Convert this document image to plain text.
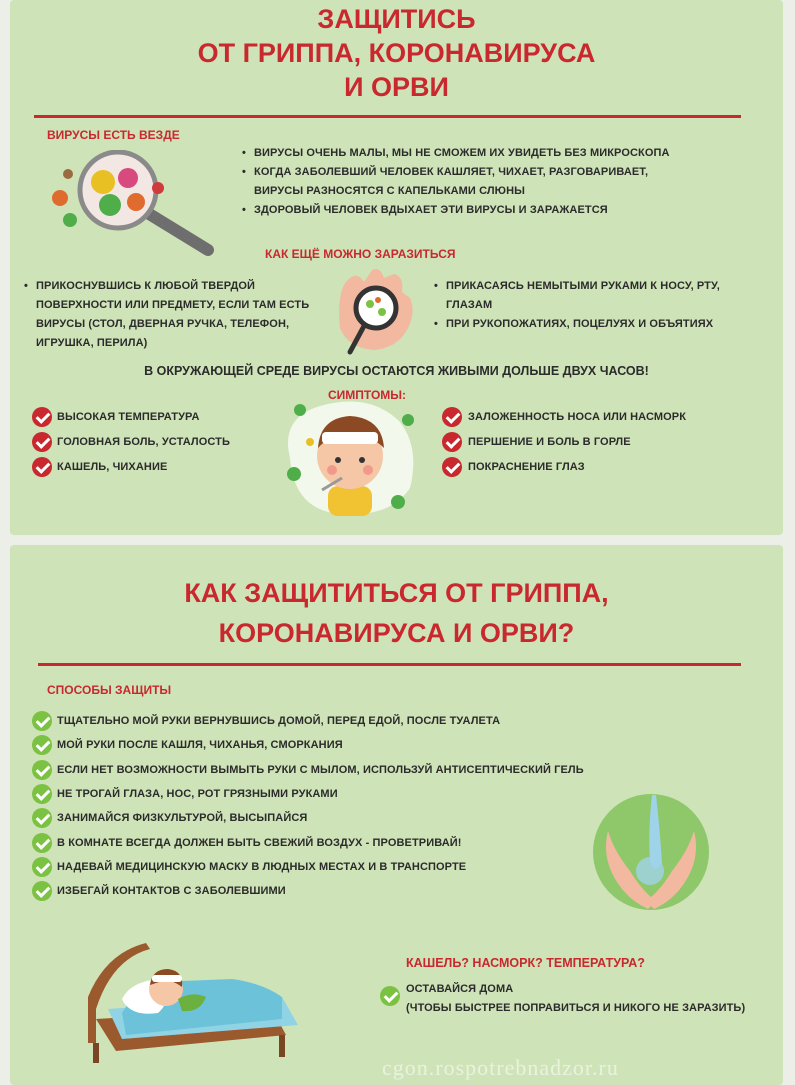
ЗАЩИТИСЬ
ОТ ГРИППА, КОРОНАВИРУСА
И ОРВИ
ВИРУСЫ ЕСТЬ ВЕЗДЕ
• ВИРУСЫ ОЧЕНЬ МАЛЫ, МЫ НЕ СМОЖЕМ ИХ УВИДЕТЬ БЕЗ МИКРОСКОПА
• КОГДА ЗАБОЛЕВШИЙ ЧЕЛОВЕК КАШЛЯЕТ, ЧИХАЕТ, РАЗГОВАРИВАЕТ, ВИРУСЫ РАЗНОСЯТСЯ С КАПЕЛЬКАМИ СЛЮНЫ
• ЗДОРОВЫЙ ЧЕЛОВЕК ВДЫХАЕТ ЭТИ ВИРУСЫ И ЗАРАЖАЕТСЯ
КАК ЕЩЁ МОЖНО ЗАРАЗИТЬСЯ
• ПРИКОСНУВШИСЬ К ЛЮБОЙ ТВЕРДОЙ ПОВЕРХНОСТИ ИЛИ ПРЕДМЕТУ, ЕСЛИ ТАМ ЕСТЬ ВИРУСЫ (СТОЛ, ДВЕРНАЯ РУЧКА, ТЕЛЕФОН, ИГРУШКА, ПЕРИЛА)
• ПРИКАСАЯСЬ НЕМЫТЫМИ РУКАМИ К НОСУ, РТУ, ГЛАЗАМ
• ПРИ РУКОПОЖАТИЯХ, ПОЦЕЛУЯХ И ОБЪЯТИЯХ
В ОКРУЖАЮЩЕЙ СРЕДЕ ВИРУСЫ ОСТАЮТСЯ ЖИВЫМИ ДОЛЬШЕ ДВУХ ЧАСОВ!
СИМПТОМЫ:
ВЫСОКАЯ ТЕМПЕРАТУРА
ГОЛОВНАЯ БОЛЬ, УСТАЛОСТЬ
КАШЕЛЬ, ЧИХАНИЕ
ЗАЛОЖЕННОСТЬ НОСА ИЛИ НАСМОРК
ПЕРШЕНИЕ И БОЛЬ В ГОРЛЕ
ПОКРАСНЕНИЕ ГЛАЗ
КАК ЗАЩИТИТЬСЯ ОТ ГРИППА,
КОРОНАВИРУСА И ОРВИ?
СПОСОБЫ ЗАЩИТЫ
ТЩАТЕЛЬНО МОЙ РУКИ ВЕРНУВШИСЬ ДОМОЙ, ПЕРЕД ЕДОЙ, ПОСЛЕ ТУАЛЕТА
МОЙ РУКИ ПОСЛЕ КАШЛЯ, ЧИХАНЬЯ, СМОРКАНИЯ
ЕСЛИ НЕТ ВОЗМОЖНОСТИ ВЫМЫТЬ РУКИ С МЫЛОМ, ИСПОЛЬЗУЙ АНТИСЕПТИЧЕСКИЙ ГЕЛЬ
НЕ ТРОГАЙ ГЛАЗА, НОС, РОТ ГРЯЗНЫМИ РУКАМИ
ЗАНИМАЙСЯ ФИЗКУЛЬТУРОЙ, ВЫСЫПАЙСЯ
В КОМНАТЕ ВСЕГДА ДОЛЖЕН БЫТЬ СВЕЖИЙ ВОЗДУХ - ПРОВЕТРИВАЙ!
НАДЕВАЙ МЕДИЦИНСКУЮ МАСКУ В ЛЮДНЫХ МЕСТАХ И В ТРАНСПОРТЕ
ИЗБЕГАЙ КОНТАКТОВ С ЗАБОЛЕВШИМИ
КАШЕЛЬ? НАСМОРК? ТЕМПЕРАТУРА?
ОСТАВАЙСЯ ДОМА
(ЧТОБЫ БЫСТРЕЕ ПОПРАВИТЬСЯ И НИКОГО НЕ ЗАРАЗИТЬ)
cgon.rospotrebnadzor.ru
